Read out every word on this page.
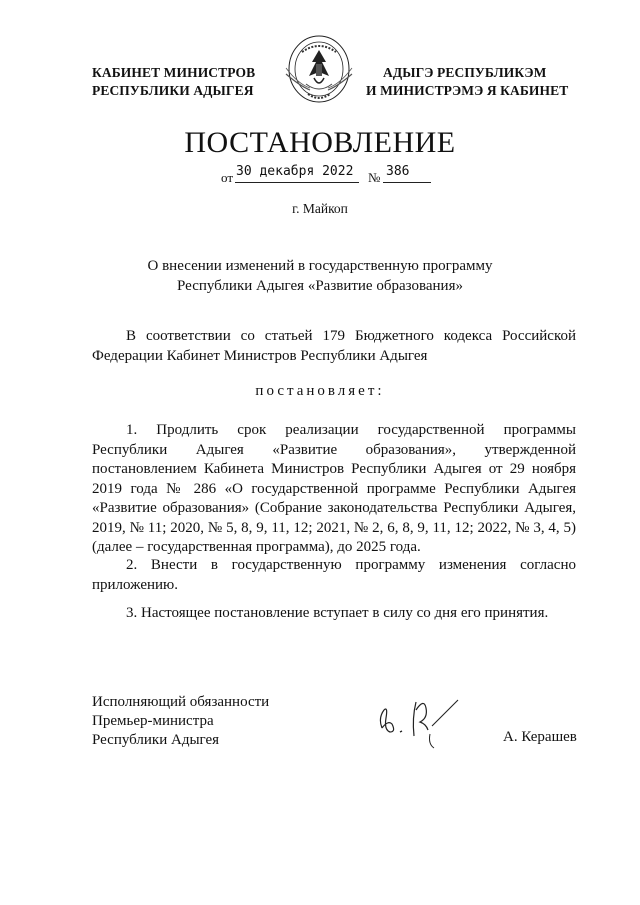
КАБИНЕТ МИНИСТРОВ
РЕСПУБЛИКИ АДЫГЕЯ
АДЫГЭ РЕСПУБЛИКЭМ
И МИНИСТРЭМЭ Я КАБИНЕТ
ПОСТАНОВЛЕНИЕ
от 30 декабря 2022 № 386
г. Майкоп
О внесении изменений в государственную программу
Республики Адыгея «Развитие образования»

В соответствии со статьей 179 Бюджетного кодекса Российской Федерации Кабинет Министров Республики Адыгея

постановляет:

1. Продлить срок реализации государственной программы Республики Адыгея «Развитие образования», утвержденной постановлением Кабинета Министров Республики Адыгея от 29 ноября 2019 года № 286 «О государственной программе Республики Адыгея «Развитие образования» (Собрание законодательства Республики Адыгея, 2019, № 11; 2020, № 5, 8, 9, 11, 12; 2021, № 2, 6, 8, 9, 11, 12; 2022, № 3, 4, 5) (далее – государственная программа), до 2025 года.

2. Внести в государственную программу изменения согласно приложению.

3. Настоящее постановление вступает в силу со дня его принятия.

Исполняющий обязанности
Премьер-министра
Республики Адыгея	А. Керашев
